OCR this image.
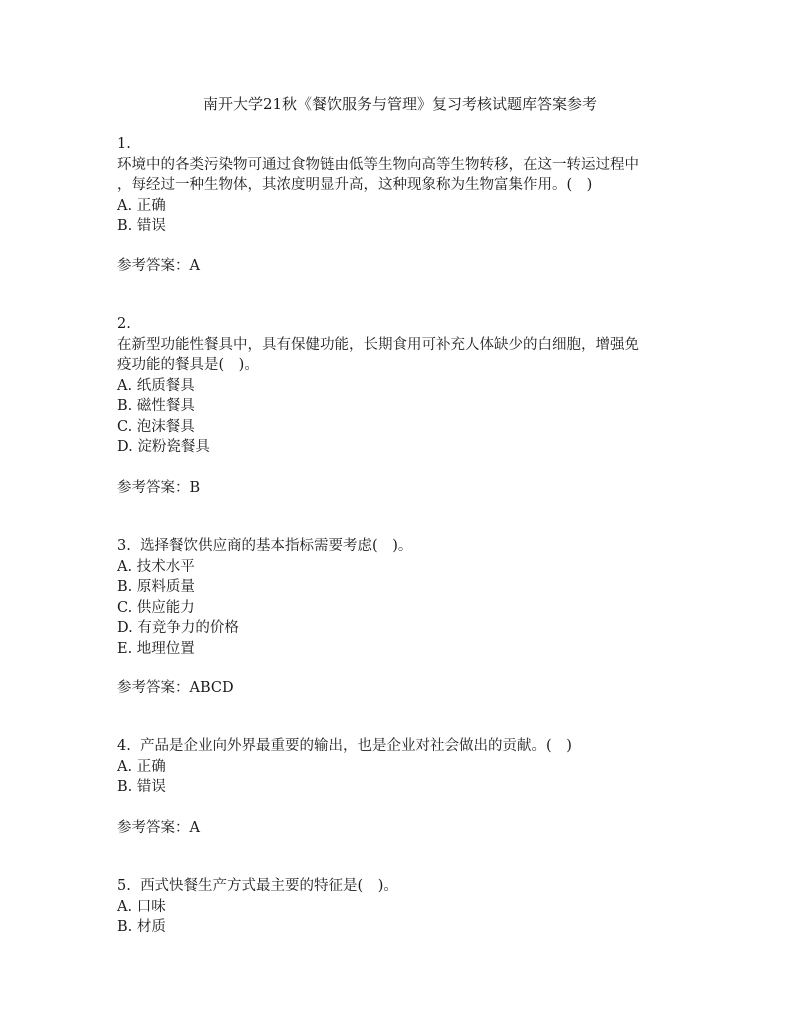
南开大学21秋《餐饮服务与管理》复习考核试题库答案参考
1.
环境中的各类污染物可通过食物链由低等生物向高等生物转移，在这一转运过程中
，每经过一种生物体，其浓度明显升高，这种现象称为生物富集作用。(　)
A. 正确
B. 错误
参考答案：A
2.
在新型功能性餐具中，具有保健功能，长期食用可补充人体缺少的白细胞，增强免
疫功能的餐具是(　)。
A. 纸质餐具
B. 磁性餐具
C. 泡沫餐具
D. 淀粉瓷餐具
参考答案：B
3. 选择餐饮供应商的基本指标需要考虑(　)。
A. 技术水平
B. 原料质量
C. 供应能力
D. 有竞争力的价格
E. 地理位置
参考答案：ABCD
4. 产品是企业向外界最重要的输出，也是企业对社会做出的贡献。(　)
A. 正确
B. 错误
参考答案：A
5. 西式快餐生产方式最主要的特征是(　)。
A. 口味
B. 材质
